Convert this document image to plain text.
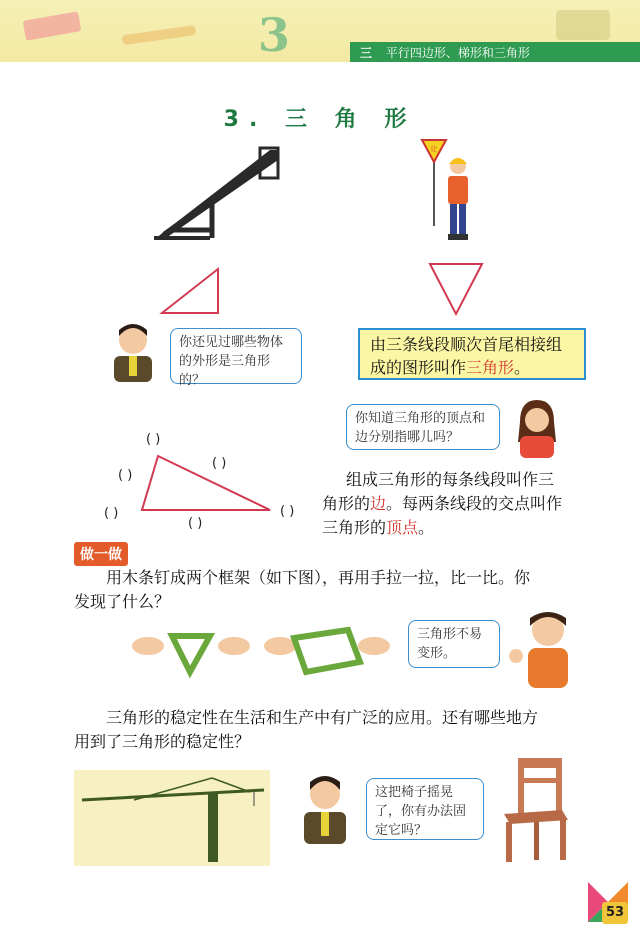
3	三 平行四边形、梯形和三角形
3. 三 角 形
让
你还见过哪些物体的外形是三角形的？
由三条线段顺次首尾相接组成的图形叫作三角形。
你知道三角形的顶点和边分别指哪儿吗？
( )
( )
( )
( )
( )
( )
组成三角形的每条线段叫作三
角形的边。每两条线段的交点叫作
三角形的顶点。
做一做
用木条钉成两个框架（如下图），再用手拉一拉，比一比。你
发现了什么？
三角形不易变形。
三角形的稳定性在生活和生产中有广泛的应用。还有哪些地方
用到了三角形的稳定性？
这把椅子摇晃了，你有办法固定它吗？
53
